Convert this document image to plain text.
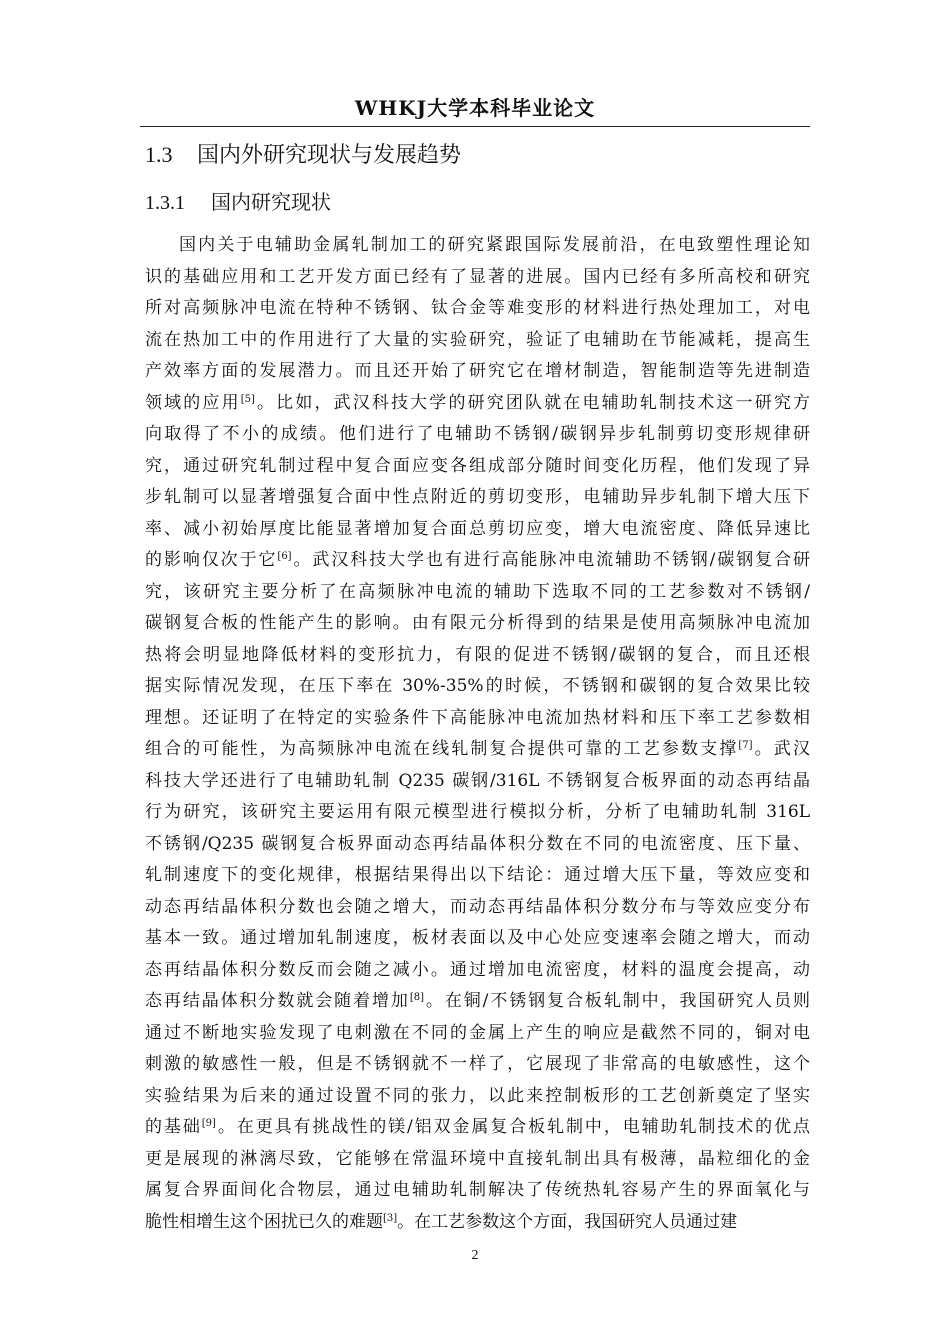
WHKJ大学本科毕业论文
1.3 国内外研究现状与发展趋势
1.3.1 国内研究现状
国内关于电辅助金属轧制加工的研究紧跟国际发展前沿，在电致塑性理论知
识的基础应用和工艺开发方面已经有了显著的进展。国内已经有多所高校和研究
所对高频脉冲电流在特种不锈钢、钛合金等难变形的材料进行热处理加工，对电
流在热加工中的作用进行了大量的实验研究，验证了电辅助在节能减耗，提高生
产效率方面的发展潜力。而且还开始了研究它在增材制造，智能制造等先进制造
领域的应用[5]。比如，武汉科技大学的研究团队就在电辅助轧制技术这一研究方
向取得了不小的成绩。他们进行了电辅助不锈钢/碳钢异步轧制剪切变形规律研
究，通过研究轧制过程中复合面应变各组成部分随时间变化历程，他们发现了异
步轧制可以显著增强复合面中性点附近的剪切变形，电辅助异步轧制下增大压下
率、减小初始厚度比能显著增加复合面总剪切应变，增大电流密度、降低异速比
的影响仅次于它[6]。武汉科技大学也有进行高能脉冲电流辅助不锈钢/碳钢复合研
究，该研究主要分析了在高频脉冲电流的辅助下选取不同的工艺参数对不锈钢/
碳钢复合板的性能产生的影响。由有限元分析得到的结果是使用高频脉冲电流加
热将会明显地降低材料的变形抗力，有限的促进不锈钢/碳钢的复合，而且还根
据实际情况发现，在压下率在 30%-35%的时候，不锈钢和碳钢的复合效果比较
理想。还证明了在特定的实验条件下高能脉冲电流加热材料和压下率工艺参数相
组合的可能性，为高频脉冲电流在线轧制复合提供可靠的工艺参数支撑[7]。武汉
科技大学还进行了电辅助轧制 Q235 碳钢/316L 不锈钢复合板界面的动态再结晶
行为研究，该研究主要运用有限元模型进行模拟分析，分析了电辅助轧制 316L
不锈钢/Q235 碳钢复合板界面动态再结晶体积分数在不同的电流密度、压下量、
轧制速度下的变化规律，根据结果得出以下结论：通过增大压下量，等效应变和
动态再结晶体积分数也会随之增大，而动态再结晶体积分数分布与等效应变分布
基本一致。通过增加轧制速度，板材表面以及中心处应变速率会随之增大，而动
态再结晶体积分数反而会随之减小。通过增加电流密度，材料的温度会提高，动
态再结晶体积分数就会随着增加[8]。在铜/不锈钢复合板轧制中，我国研究人员则
通过不断地实验发现了电刺激在不同的金属上产生的响应是截然不同的，铜对电
刺激的敏感性一般，但是不锈钢就不一样了，它展现了非常高的电敏感性，这个
实验结果为后来的通过设置不同的张力，以此来控制板形的工艺创新奠定了坚实
的基础[9]。在更具有挑战性的镁/铝双金属复合板轧制中，电辅助轧制技术的优点
更是展现的淋漓尽致，它能够在常温环境中直接轧制出具有极薄，晶粒细化的金
属复合界面间化合物层，通过电辅助轧制解决了传统热轧容易产生的界面氧化与
脆性相增生这个困扰已久的难题[3]。在工艺参数这个方面，我国研究人员通过建
2
